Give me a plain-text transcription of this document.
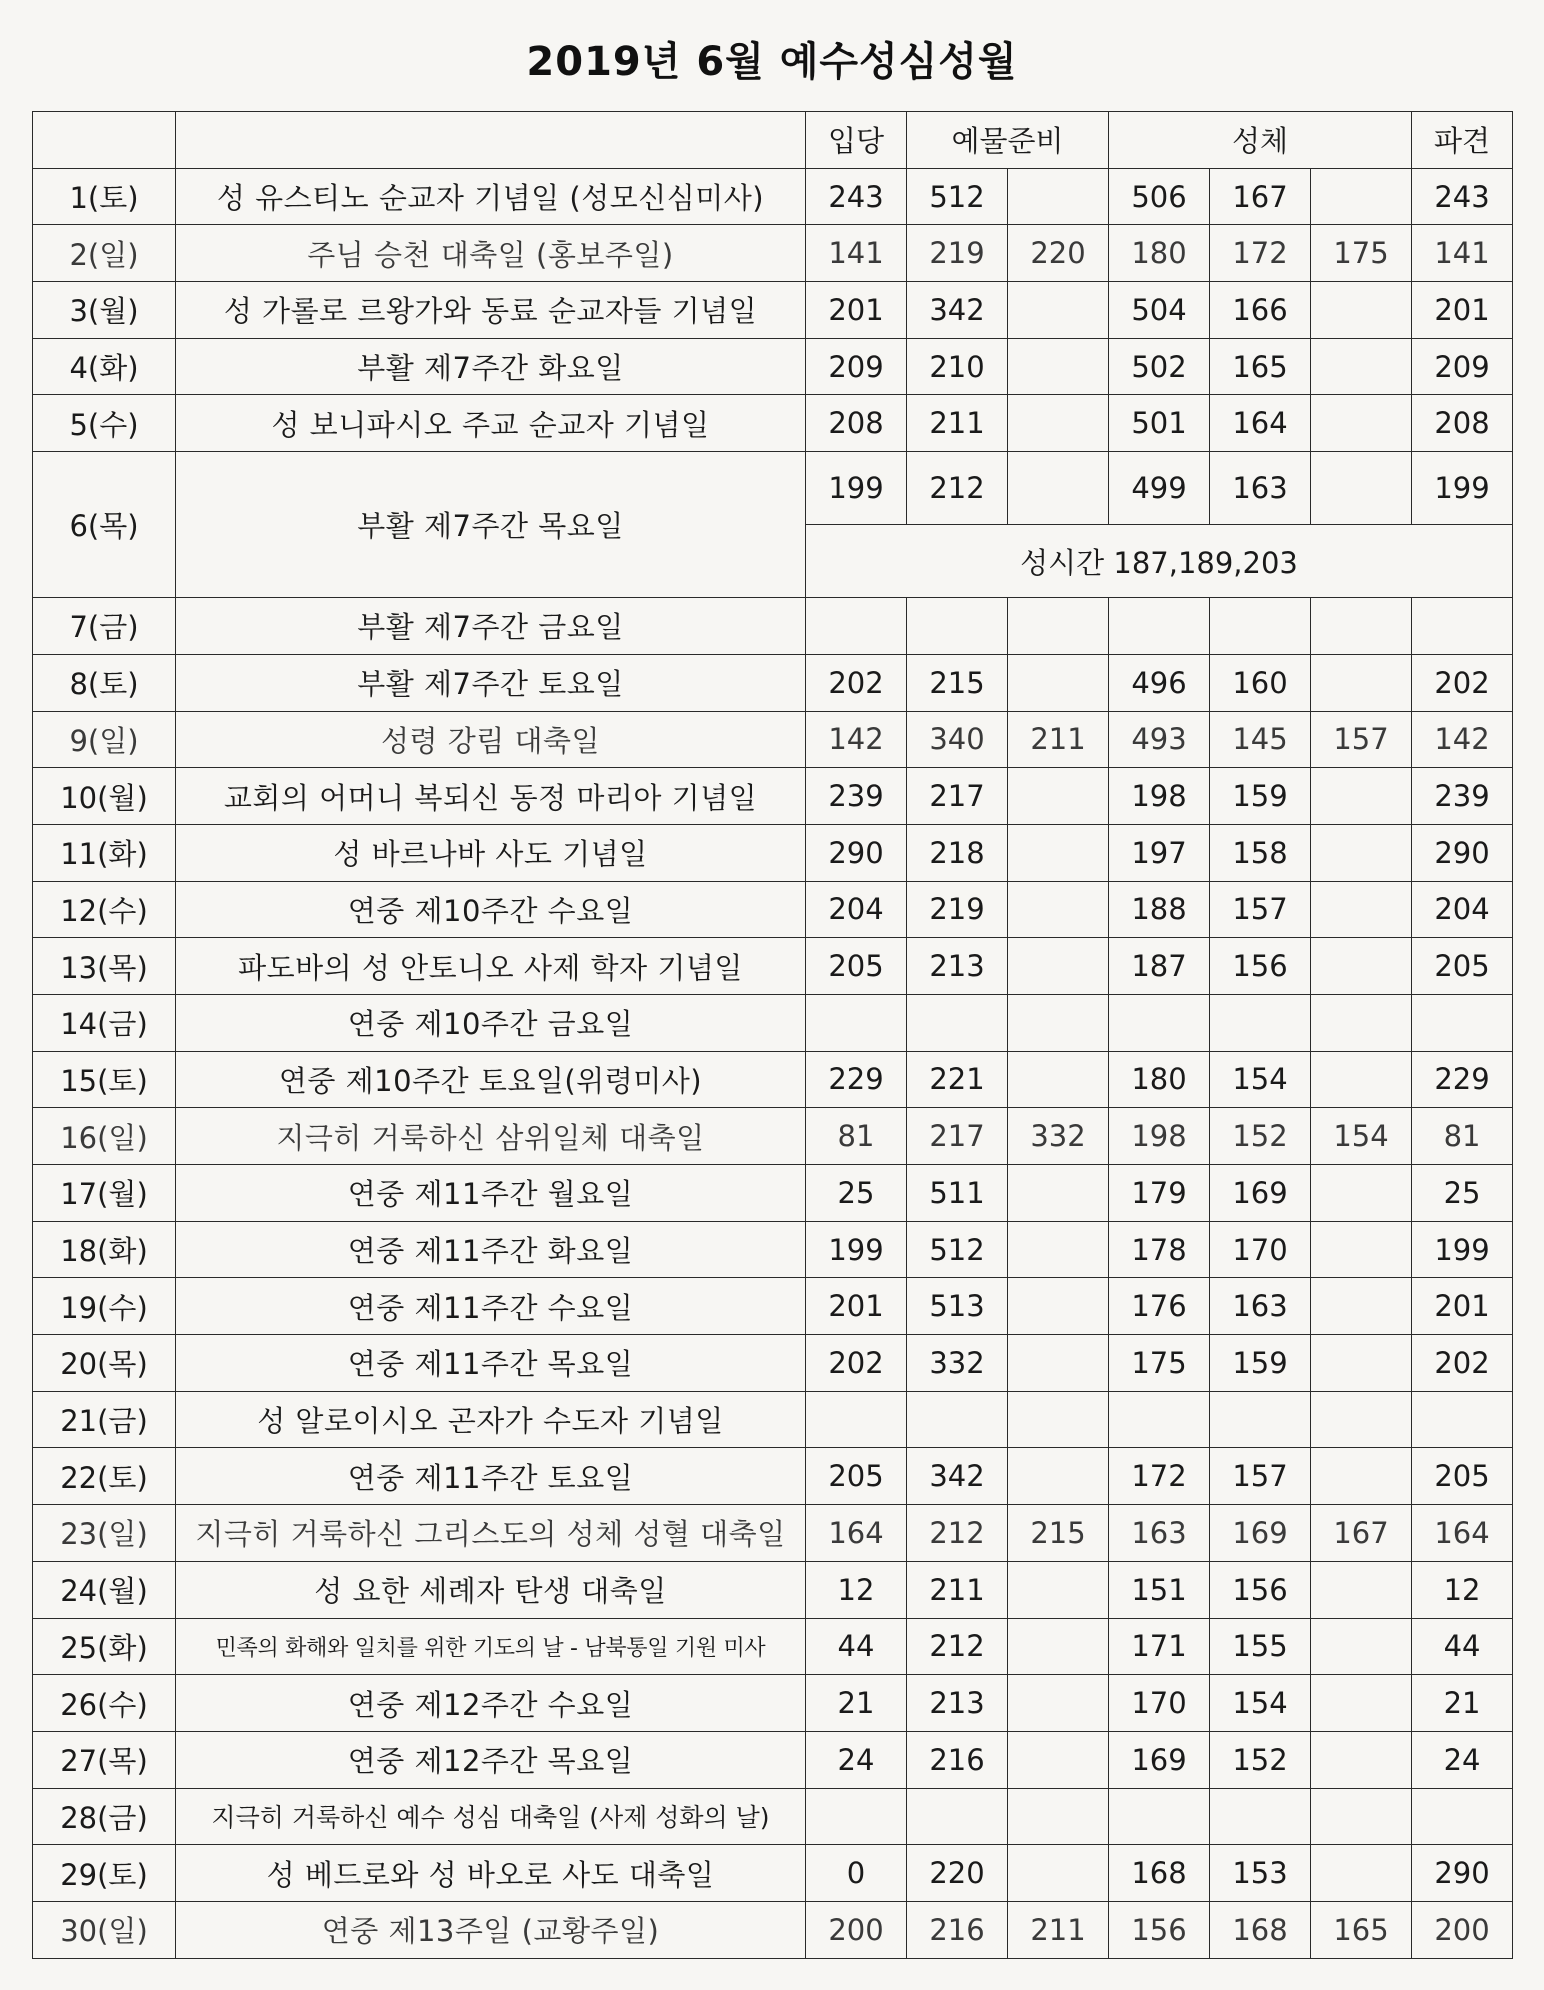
2019년 6월 예수성심성월
		입당	예물준비		성체			파견
1(토)	성 유스티노 순교자 기념일 (성모신심미사)	243	512		506	167		243
2(일)	주님 승천 대축일 (홍보주일)	141	219	220	180	172	175	141
3(월)	성 가롤로 르왕가와 동료 순교자들 기념일	201	342		504	166		201
4(화)	부활 제7주간 화요일	209	210		502	165		209
5(수)	성 보니파시오 주교 순교자 기념일	208	211		501	164		208
6(목)	부활 제7주간 목요일	199	212		499	163		199
		성시간 187,189,203						
7(금)	부활 제7주간 금요일							
8(토)	부활 제7주간 토요일	202	215		496	160		202
9(일)	성령 강림 대축일	142	340	211	493	145	157	142
10(월)	교회의 어머니 복되신 동정 마리아 기념일	239	217		198	159		239
11(화)	성 바르나바 사도 기념일	290	218		197	158		290
12(수)	연중 제10주간 수요일	204	219		188	157		204
13(목)	파도바의 성 안토니오 사제 학자 기념일	205	213		187	156		205
14(금)	연중 제10주간 금요일							
15(토)	연중 제10주간 토요일(위령미사)	229	221		180	154		229
16(일)	지극히 거룩하신 삼위일체 대축일	81	217	332	198	152	154	81
17(월)	연중 제11주간 월요일	25	511		179	169		25
18(화)	연중 제11주간 화요일	199	512		178	170		199
19(수)	연중 제11주간 수요일	201	513		176	163		201
20(목)	연중 제11주간 목요일	202	332		175	159		202
21(금)	성 알로이시오 곤자가 수도자 기념일							
22(토)	연중 제11주간 토요일	205	342		172	157		205
23(일)	지극히 거룩하신 그리스도의 성체 성혈 대축일	164	212	215	163	169	167	164
24(월)	성 요한 세례자 탄생 대축일	12	211		151	156		12
25(화)	민족의 화해와 일치를 위한 기도의 날 - 남북통일 기원 미사	44	212		171	155		44
26(수)	연중 제12주간 수요일	21	213		170	154		21
27(목)	연중 제12주간 목요일	24	216		169	152		24
28(금)	지극히 거룩하신 예수 성심 대축일 (사제 성화의 날)							
29(토)	성 베드로와 성 바오로 사도 대축일	0	220		168	153		290
30(일)	연중 제13주일 (교황주일)	200	216	211	156	168	165	200
